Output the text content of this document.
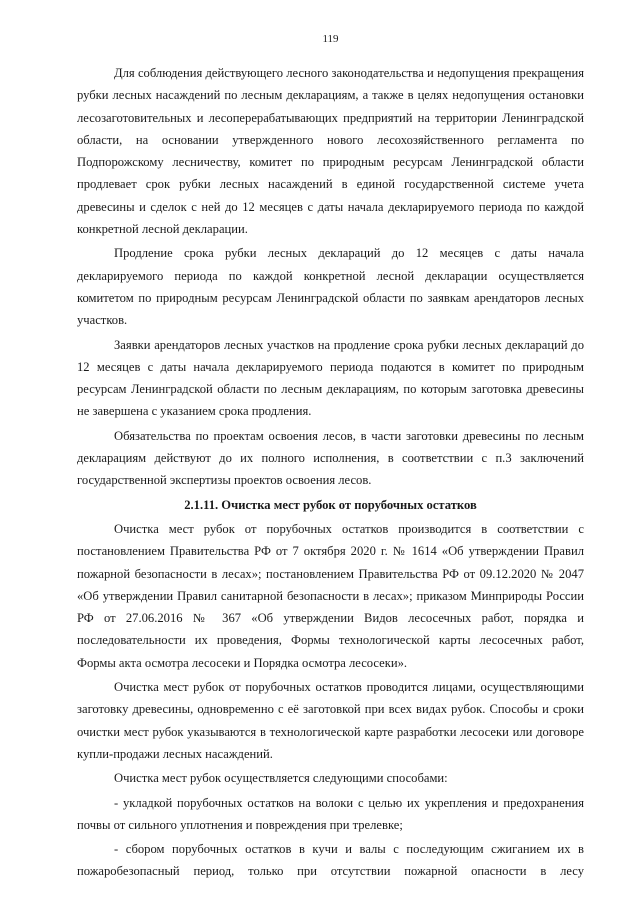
119

Для соблюдения действующего лесного законодательства и недопущения прекращения рубки лесных насаждений по лесным декларациям, а также в целях недопущения остановки лесозаготовительных и лесоперерабатывающих предприятий на территории Ленинградской области, на основании утвержденного нового лесохозяйственного регламента по Подпорожскому лесничеству, комитет по природным ресурсам Ленинградской области продлевает срок рубки лесных насаждений в единой государственной системе учета древесины и сделок с ней до 12 месяцев с даты начала декларируемого периода по каждой конкретной лесной декларации.

Продление срока рубки лесных деклараций до 12 месяцев с даты начала декларируемого периода по каждой конкретной лесной декларации осуществляется комитетом по природным ресурсам Ленинградской области по заявкам арендаторов лесных участков.

Заявки арендаторов лесных участков на продление срока рубки лесных деклараций до 12 месяцев с даты начала декларируемого периода подаются в комитет по природным ресурсам Ленинградской области по лесным декларациям, по которым заготовка древесины не завершена с указанием срока продления.

Обязательства по проектам освоения лесов, в части заготовки древесины по лесным декларациям действуют до их полного исполнения, в соответствии с п.3 заключений государственной экспертизы проектов освоения лесов.

2.1.11. Очистка мест рубок от порубочных остатков

Очистка мест рубок от порубочных остатков производится в соответствии с постановлением Правительства РФ от 7 октября 2020 г. № 1614 «Об утверждении Правил пожарной безопасности в лесах»; постановлением Правительства РФ от 09.12.2020 № 2047 «Об утверждении Правил санитарной безопасности в лесах»; приказом Минприроды России РФ от 27.06.2016 № 367 «Об утверждении Видов лесосечных работ, порядка и последовательности их проведения, Формы технологической карты лесосечных работ, Формы акта осмотра лесосеки и Порядка осмотра лесосеки».

Очистка мест рубок от порубочных остатков проводится лицами, осуществляющими заготовку древесины, одновременно с её заготовкой при всех видах рубок. Способы и сроки очистки мест рубок указываются в технологической карте разработки лесосеки или договоре купли-продажи лесных насаждений.

Очистка мест рубок осуществляется следующими способами:

- укладкой порубочных остатков на волоки с целью их укрепления и предохранения почвы от сильного уплотнения и повреждения при трелевке;

- сбором порубочных остатков в кучи и валы с последующим сжиганием их в пожаробезопасный период, только при отсутствии пожарной опасности в лесу
